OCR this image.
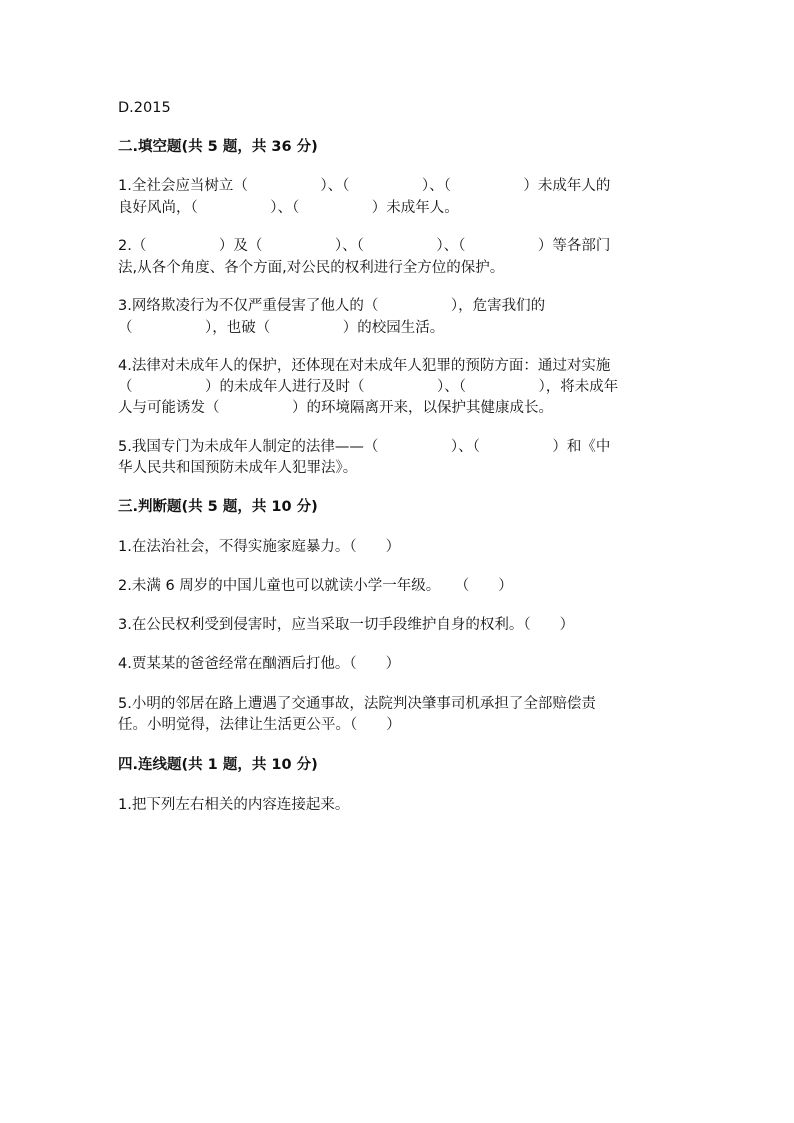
D.2015
二.填空题(共 5 题，共 36 分)
1.全社会应当树立（　　　　　）、（　　　　　）、（　　　　　）未成年人的
良好风尚，（　　　　　）、（　　　　　）未成年人。
2.（　　　　　）及（　　　　　）、（　　　　　）、（　　　　　）等各部门
法,从各个角度、各个方面,对公民的权利进行全方位的保护。
3.网络欺凌行为不仅严重侵害了他人的（　　　　　），危害我们的
（　　　　　），也破（　　　　　）的校园生活。
4.法律对未成年人的保护，还体现在对未成年人犯罪的预防方面：通过对实施
（　　　　　）的未成年人进行及时（　　　　　）、（　　　　　），将未成年
人与可能诱发（　　　　　）的环境隔离开来，以保护其健康成长。
5.我国专门为未成年人制定的法律——（　　　　　）、（　　　　　）和《中
华人民共和国预防未成年人犯罪法》。
三.判断题(共 5 题，共 10 分)
1.在法治社会，不得实施家庭暴力。（　　）
2.未满 6 周岁的中国儿童也可以就读小学一年级。　　（　　）
3.在公民权利受到侵害时，应当采取一切手段维护自身的权利。（　　）
4.贾某某的爸爸经常在酗酒后打他。（　　）
5.小明的邻居在路上遭遇了交通事故，法院判决肇事司机承担了全部赔偿责
任。小明觉得，法律让生活更公平。（　　）
四.连线题(共 1 题，共 10 分)
1.把下列左右相关的内容连接起来。
